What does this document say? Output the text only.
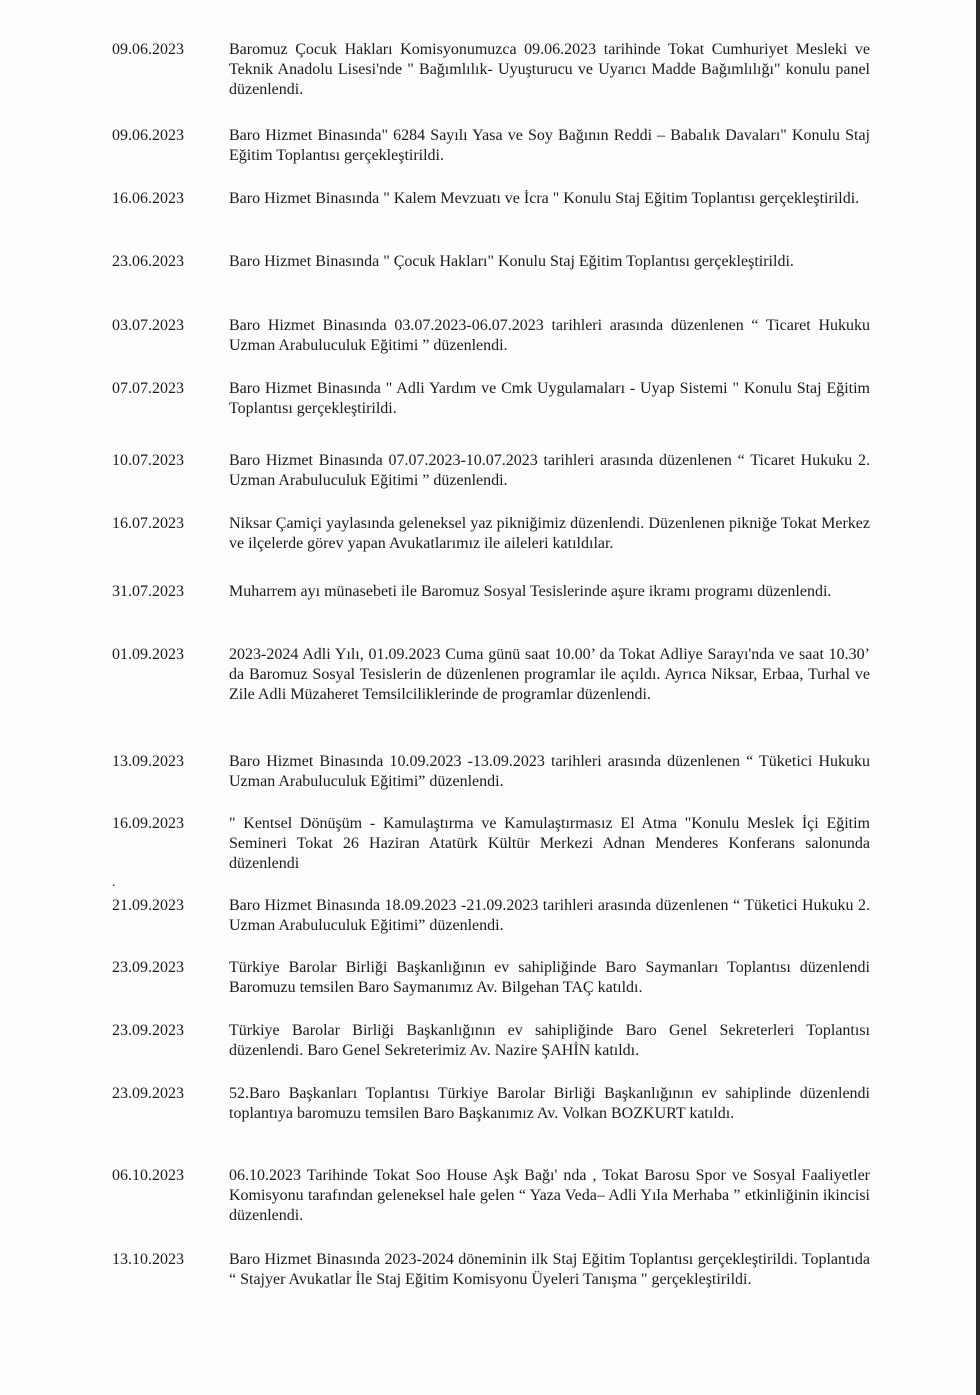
09.06.2023	Baromuz Çocuk Hakları Komisyonumuzca 09.06.2023 tarihinde Tokat Cumhuriyet Mesleki ve Teknik Anadolu Lisesi'nde " Bağımlılık- Uyuşturucu ve Uyarıcı Madde Bağımlılığı" konulu panel düzenlendi.
09.06.2023	Baro Hizmet Binasında" 6284 Sayılı Yasa ve Soy Bağının Reddi – Babalık Davaları" Konulu Staj Eğitim Toplantısı gerçekleştirildi.
16.06.2023	Baro Hizmet Binasında " Kalem Mevzuatı ve İcra " Konulu Staj Eğitim Toplantısı gerçekleştirildi.
23.06.2023	Baro Hizmet Binasında " Çocuk Hakları" Konulu Staj Eğitim Toplantısı gerçekleştirildi.
03.07.2023	Baro Hizmet Binasında 03.07.2023-06.07.2023 tarihleri arasında düzenlenen “ Ticaret Hukuku Uzman Arabuluculuk Eğitimi ” düzenlendi.
07.07.2023	Baro Hizmet Binasında " Adli Yardım ve Cmk Uygulamaları - Uyap Sistemi " Konulu Staj Eğitim Toplantısı gerçekleştirildi.
10.07.2023	Baro Hizmet Binasında 07.07.2023-10.07.2023 tarihleri arasında düzenlenen “ Ticaret Hukuku 2. Uzman Arabuluculuk Eğitimi ” düzenlendi.
16.07.2023	Niksar Çamiçi yaylasında geleneksel yaz pikniğimiz düzenlendi. Düzenlenen pikniğe Tokat Merkez ve ilçelerde görev yapan Avukatlarımız ile aileleri katıldılar.
31.07.2023	Muharrem ayı münasebeti ile Baromuz Sosyal Tesislerinde aşure ikramı programı düzenlendi.
01.09.2023	2023-2024 Adli Yılı, 01.09.2023 Cuma günü saat 10.00’ da Tokat Adliye Sarayı'nda ve saat 10.30’ da Baromuz Sosyal Tesislerin de düzenlenen programlar ile açıldı. Ayrıca Niksar, Erbaa, Turhal ve Zile Adli Müzaheret Temsilciliklerinde de programlar düzenlendi.
13.09.2023	Baro Hizmet Binasında 10.09.2023 -13.09.2023 tarihleri arasında düzenlenen “ Tüketici Hukuku Uzman Arabuluculuk Eğitimi” düzenlendi.
16.09.2023	" Kentsel Dönüşüm - Kamulaştırma ve Kamulaştırmasız El Atma "Konulu Meslek İçi Eğitim Semineri Tokat 26 Haziran Atatürk Kültür Merkezi Adnan Menderes Konferans salonunda düzenlendi
.
21.09.2023	Baro Hizmet Binasında 18.09.2023 -21.09.2023 tarihleri arasında düzenlenen “ Tüketici Hukuku 2. Uzman Arabuluculuk Eğitimi” düzenlendi.
23.09.2023	Türkiye Barolar Birliği Başkanlığının ev sahipliğinde Baro Saymanları Toplantısı düzenlendi Baromuzu temsilen Baro Saymanımız Av. Bilgehan TAÇ katıldı.
23.09.2023	Türkiye Barolar Birliği Başkanlığının ev sahipliğinde Baro Genel Sekreterleri Toplantısı düzenlendi. Baro Genel Sekreterimiz Av. Nazire ŞAHİN katıldı.
23.09.2023	52.Baro Başkanları Toplantısı Türkiye Barolar Birliği Başkanlığının ev sahiplinde düzenlendi toplantıya baromuzu temsilen Baro Başkanımız Av. Volkan BOZKURT katıldı.
06.10.2023	06.10.2023 Tarihinde Tokat Soo House Aşk Bağı' nda , Tokat Barosu Spor ve Sosyal Faaliyetler Komisyonu tarafından geleneksel hale gelen “ Yaza Veda– Adli Yıla Merhaba ” etkinliğinin ikincisi düzenlendi.
13.10.2023	Baro Hizmet Binasında 2023-2024 döneminin ilk Staj Eğitim Toplantısı gerçekleştirildi. Toplantıda “ Stajyer Avukatlar İle Staj Eğitim Komisyonu Üyeleri Tanışma " gerçekleştirildi.
